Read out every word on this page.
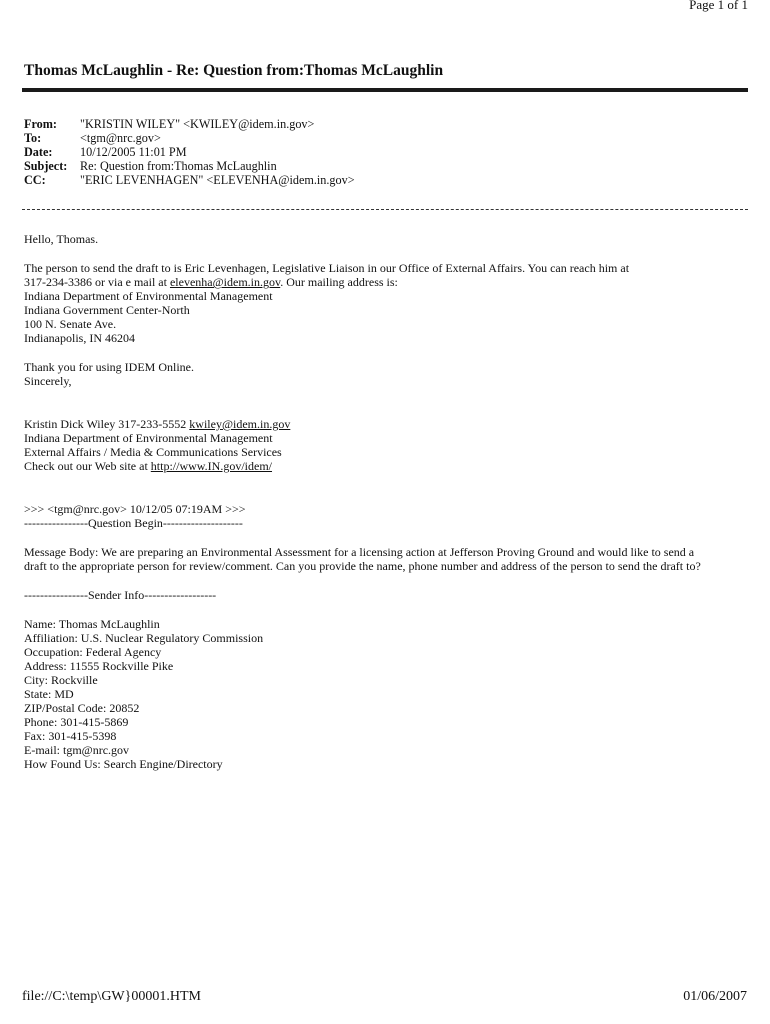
Page 1 of 1
Thomas McLaughlin - Re: Question from:Thomas McLaughlin
From:	"KRISTIN WILEY" <KWILEY@idem.in.gov>
To:	<tgm@nrc.gov>
Date:	10/12/2005 11:01 PM
Subject:	Re: Question from:Thomas McLaughlin
CC:	"ERIC LEVENHAGEN" <ELEVENHA@idem.in.gov>
Hello, Thomas.
The person to send the draft to is Eric Levenhagen, Legislative Liaison in our Office of External Affairs. You can reach him at
317-234-3386 or via e mail at elevenha@idem.in.gov. Our mailing address is:
Indiana Department of Environmental Management
Indiana Government Center-North
100 N. Senate Ave.
Indianapolis, IN 46204
Thank you for using IDEM Online.
Sincerely,
Kristin Dick Wiley 317-233-5552 kwiley@idem.in.gov
Indiana Department of Environmental Management
External Affairs / Media & Communications Services
Check out our Web site at http://www.IN.gov/idem/
>>> <tgm@nrc.gov> 10/12/05 07:19AM >>>
----------------Question Begin--------------------
Message Body: We are preparing an Environmental Assessment for a licensing action at Jefferson Proving Ground and would like to send a
draft to the appropriate person for review/comment. Can you provide the name, phone number and address of the person to send the draft to?
----------------Sender Info------------------
Name: Thomas McLaughlin
Affiliation: U.S. Nuclear Regulatory Commission
Occupation: Federal Agency
Address: 11555 Rockville Pike
City: Rockville
State: MD
ZIP/Postal Code: 20852
Phone: 301-415-5869
Fax: 301-415-5398
E-mail: tgm@nrc.gov
How Found Us: Search Engine/Directory
file://C:\temp\GW}00001.HTM	01/06/2007
